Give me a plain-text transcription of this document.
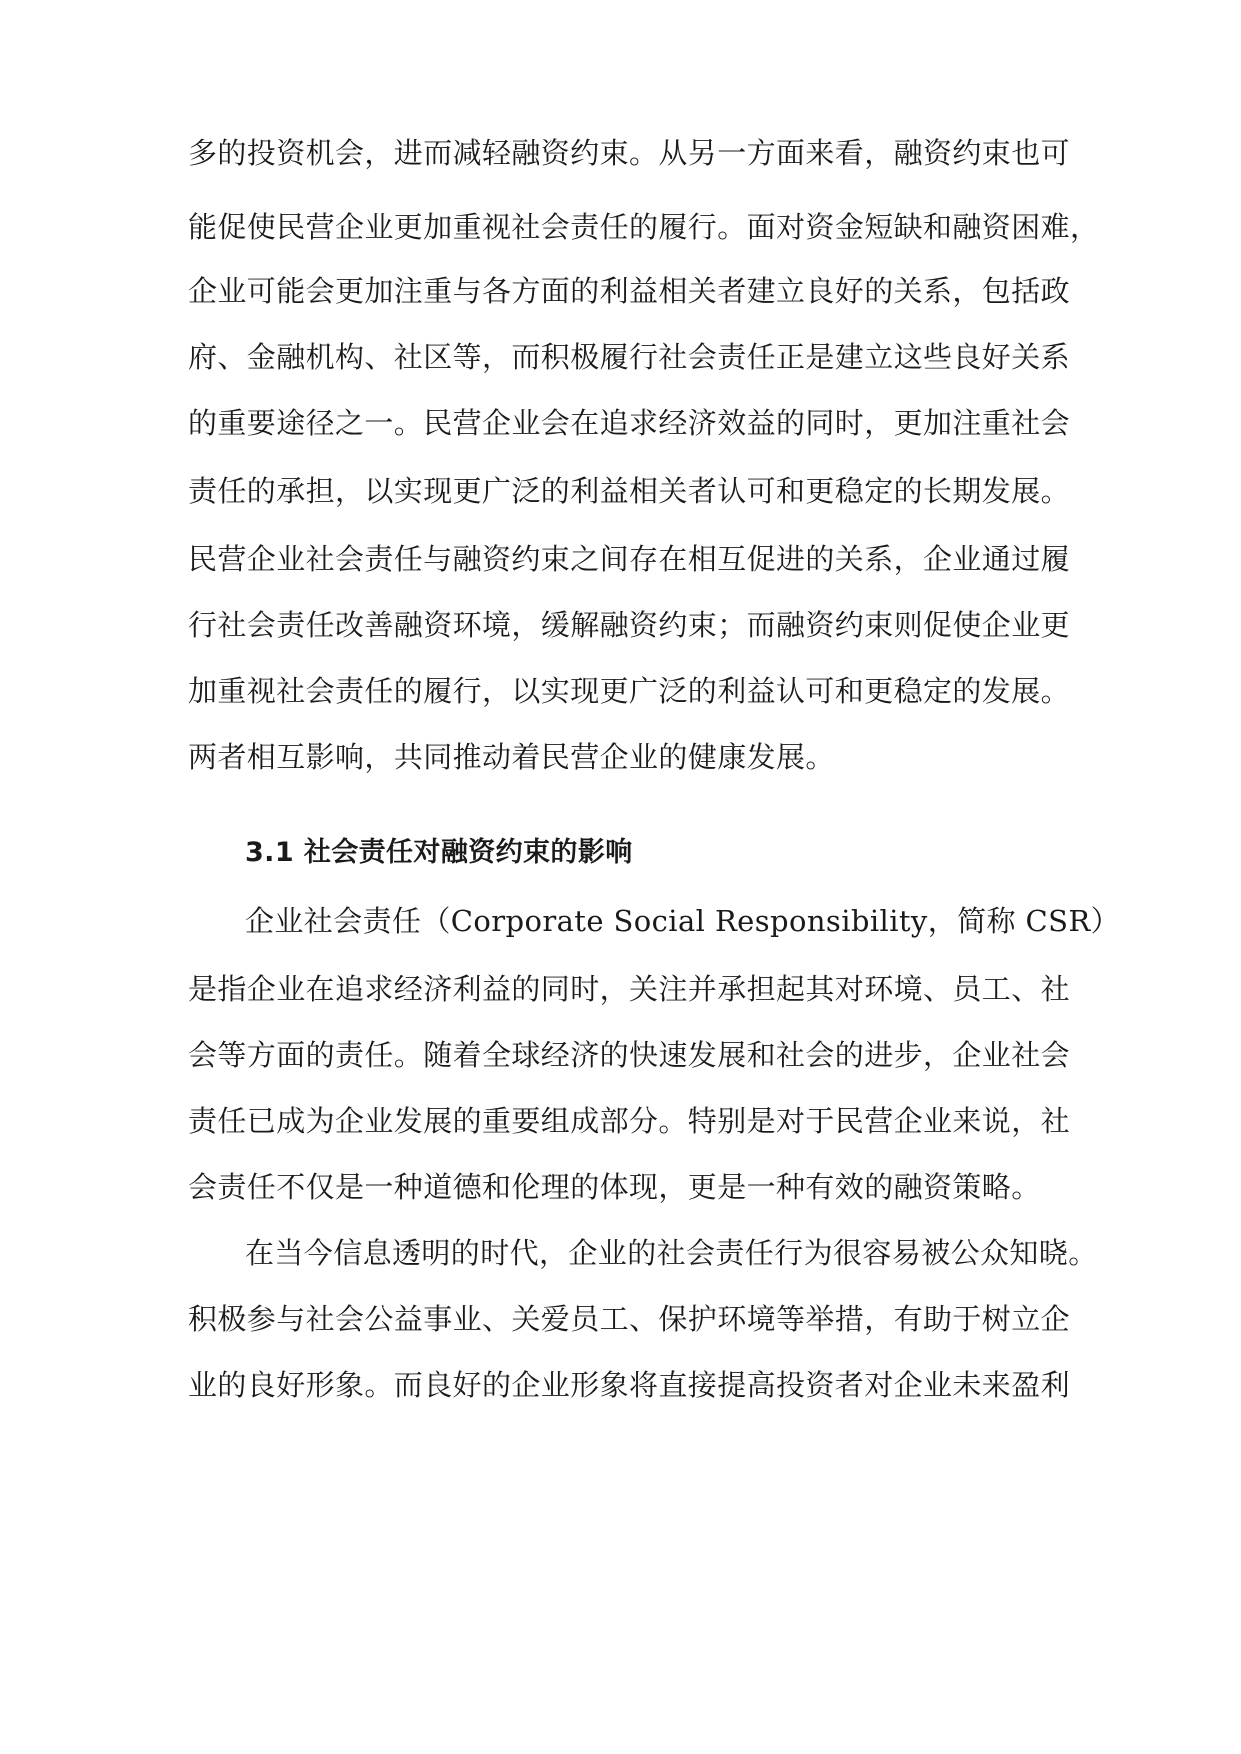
多的投资机会，进而减轻融资约束。从另一方面来看，融资约束也可
能促使民营企业更加重视社会责任的履行。面对资金短缺和融资困难，
企业可能会更加注重与各方面的利益相关者建立良好的关系，包括政
府、金融机构、社区等，而积极履行社会责任正是建立这些良好关系
的重要途径之一。民营企业会在追求经济效益的同时，更加注重社会
责任的承担，以实现更广泛的利益相关者认可和更稳定的长期发展。
民营企业社会责任与融资约束之间存在相互促进的关系，企业通过履
行社会责任改善融资环境，缓解融资约束；而融资约束则促使企业更
加重视社会责任的履行，以实现更广泛的利益认可和更稳定的发展。
两者相互影响，共同推动着民营企业的健康发展。
3.1 社会责任对融资约束的影响
企业社会责任（Corporate Social Responsibility，简称 CSR）
是指企业在追求经济利益的同时，关注并承担起其对环境、员工、社
会等方面的责任。随着全球经济的快速发展和社会的进步，企业社会
责任已成为企业发展的重要组成部分。特别是对于民营企业来说，社
会责任不仅是一种道德和伦理的体现，更是一种有效的融资策略。
在当今信息透明的时代，企业的社会责任行为很容易被公众知晓。
积极参与社会公益事业、关爱员工、保护环境等举措，有助于树立企
业的良好形象。而良好的企业形象将直接提高投资者对企业未来盈利
